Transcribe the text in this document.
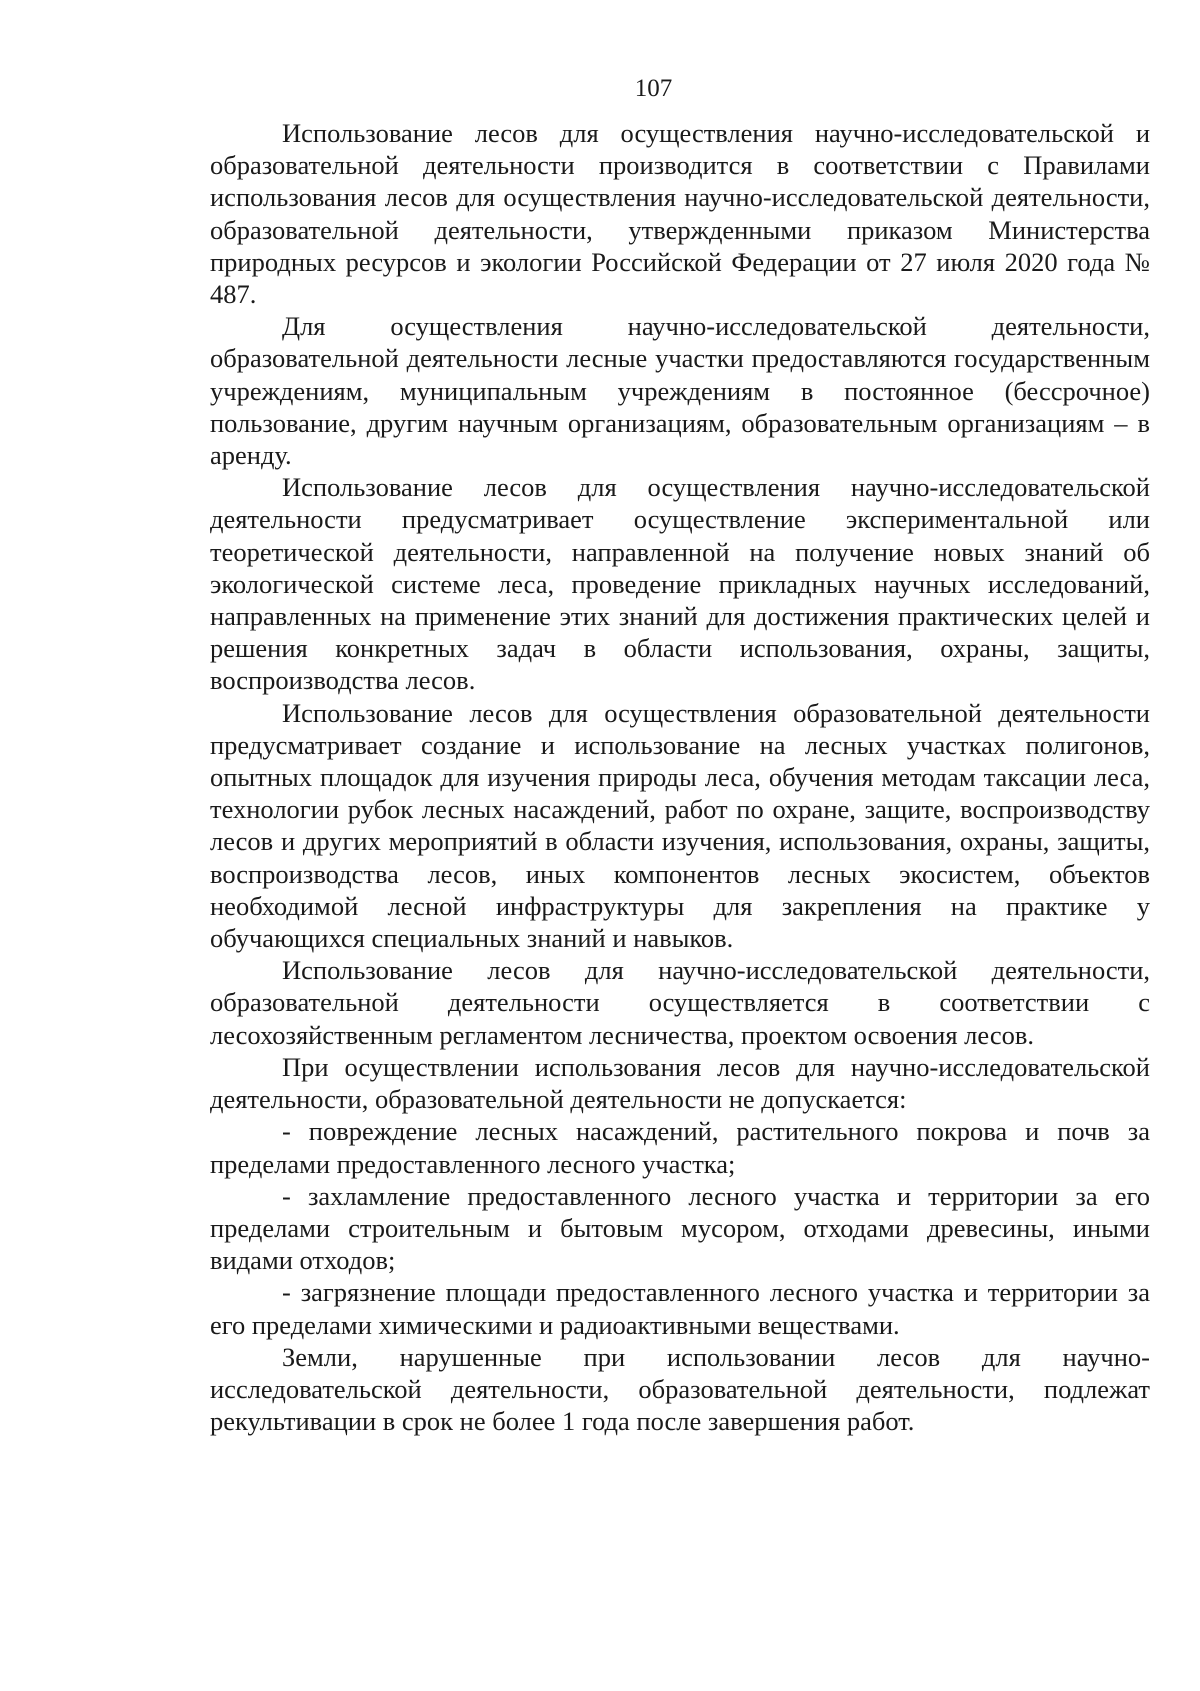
107

Использование лесов для осуществления научно-исследовательской и образовательной деятельности производится в соответствии с Правилами использования лесов для осуществления научно-исследовательской деятельности, образовательной деятельности, утвержденными приказом Министерства природных ресурсов и экологии Российской Федерации от 27 июля 2020 года № 487.

Для осуществления научно-исследовательской деятельности, образовательной деятельности лесные участки предоставляются государственным учреждениям, муниципальным учреждениям в постоянное (бессрочное) пользование, другим научным организациям, образовательным организациям – в аренду.

Использование лесов для осуществления научно-исследовательской деятельности предусматривает осуществление экспериментальной или теоретической деятельности, направленной на получение новых знаний об экологической системе леса, проведение прикладных научных исследований, направленных на применение этих знаний для достижения практических целей и решения конкретных задач в области использования, охраны, защиты, воспроизводства лесов.

Использование лесов для осуществления образовательной деятельности предусматривает создание и использование на лесных участках полигонов, опытных площадок для изучения природы леса, обучения методам таксации леса, технологии рубок лесных насаждений, работ по охране, защите, воспроизводству лесов и других мероприятий в области изучения, использования, охраны, защиты, воспроизводства лесов, иных компонентов лесных экосистем, объектов необходимой лесной инфраструктуры для закрепления на практике у обучающихся специальных знаний и навыков.

Использование лесов для научно-исследовательской деятельности, образовательной деятельности осуществляется в соответствии с лесохозяйственным регламентом лесничества, проектом освоения лесов.

При осуществлении использования лесов для научно-исследовательской деятельности, образовательной деятельности не допускается:

- повреждение лесных насаждений, растительного покрова и почв за пределами предоставленного лесного участка;

- захламление предоставленного лесного участка и территории за его пределами строительным и бытовым мусором, отходами древесины, иными видами отходов;

- загрязнение площади предоставленного лесного участка и территории за его пределами химическими и радиоактивными веществами.

Земли, нарушенные при использовании лесов для научно-исследовательской деятельности, образовательной деятельности, подлежат рекультивации в срок не более 1 года после завершения работ.
